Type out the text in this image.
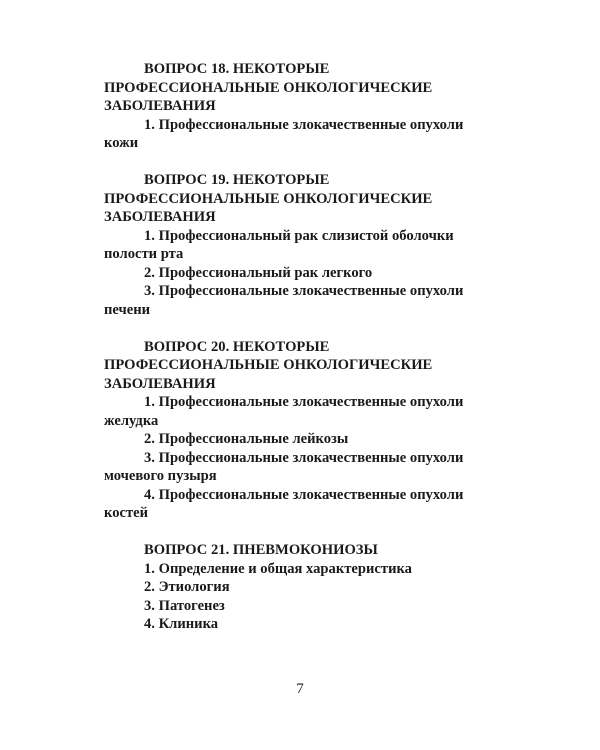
ВОПРОС 18. НЕКОТОРЫЕ ПРОФЕССИОНАЛЬНЫЕ ОНКОЛОГИЧЕСКИЕ ЗАБОЛЕВАНИЯ

1. Профессиональные злокачественные опухоли кожи

ВОПРОС 19. НЕКОТОРЫЕ ПРОФЕССИОНАЛЬНЫЕ ОНКОЛОГИЧЕСКИЕ ЗАБОЛЕВАНИЯ

1. Профессиональный рак слизистой оболочки полости рта
2. Профессиональный рак легкого
3. Профессиональные злокачественные опухоли печени

ВОПРОС 20. НЕКОТОРЫЕ ПРОФЕССИОНАЛЬНЫЕ ОНКОЛОГИЧЕСКИЕ ЗАБОЛЕВАНИЯ

1. Профессиональные злокачественные опухоли желудка
2. Профессиональные лейкозы
3. Профессиональные злокачественные опухоли мочевого пузыря
4. Профессиональные злокачественные опухоли костей

ВОПРОС 21. ПНЕВМОКОНИОЗЫ

1. Определение и общая характеристика
2. Этиология
3. Патогенез
4. Клиника
7
